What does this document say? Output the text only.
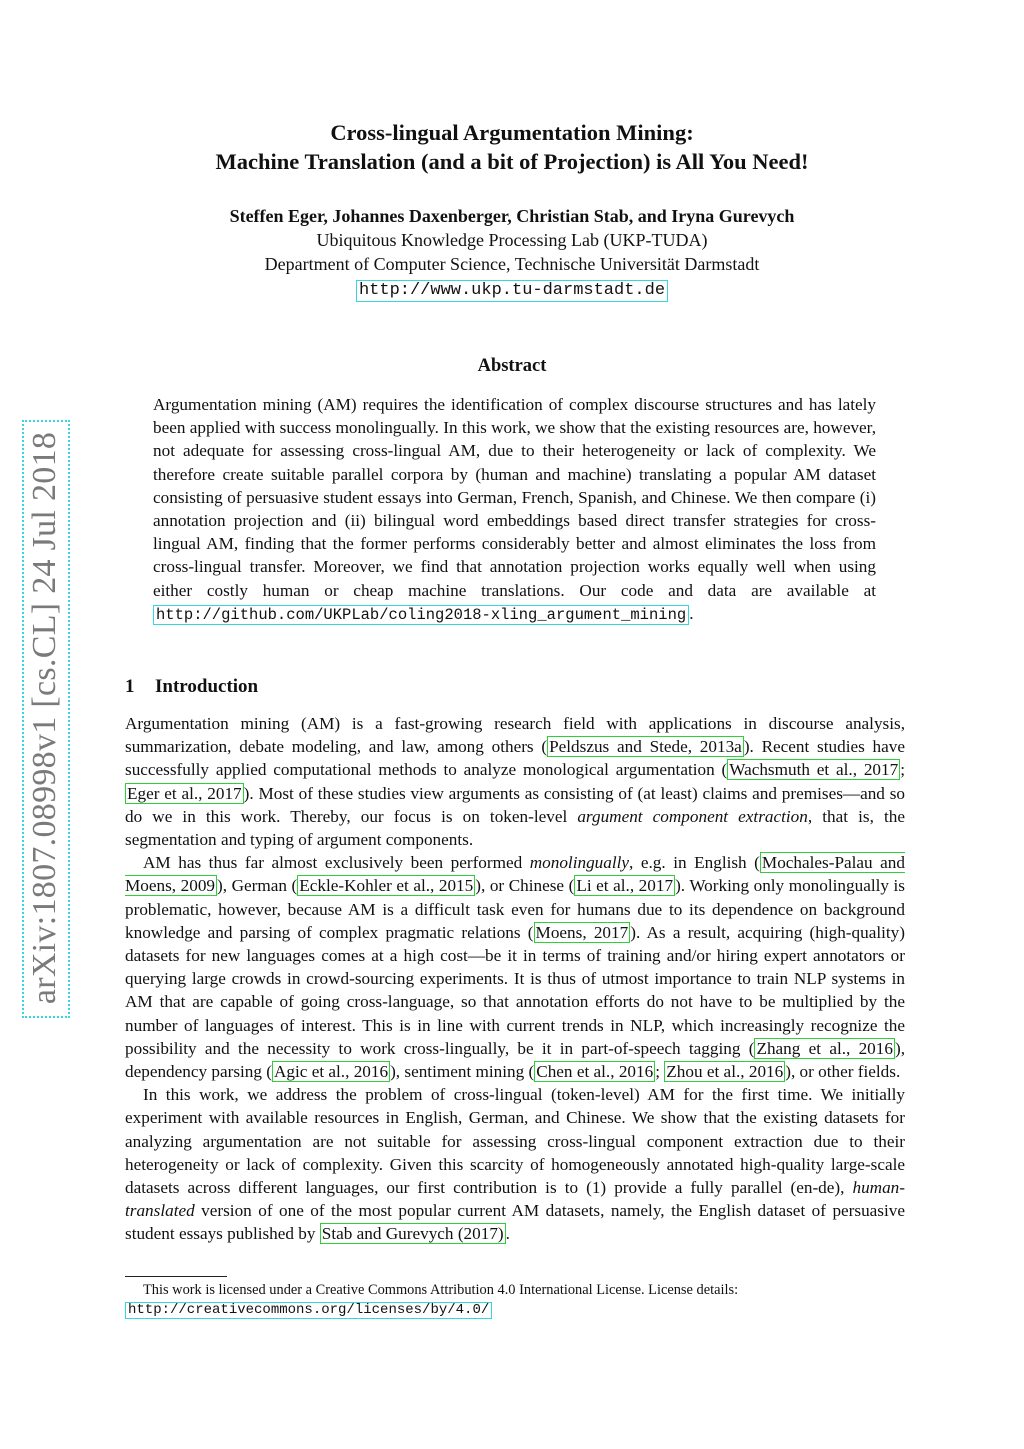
arXiv:1807.08998v1 [cs.CL] 24 Jul 2018
Cross-lingual Argumentation Mining:
Machine Translation (and a bit of Projection) is All You Need!
Steffen Eger, Johannes Daxenberger, Christian Stab, and Iryna Gurevych
Ubiquitous Knowledge Processing Lab (UKP-TUDA)
Department of Computer Science, Technische Universität Darmstadt
http://www.ukp.tu-darmstadt.de
Abstract
Argumentation mining (AM) requires the identification of complex discourse structures and has lately been applied with success monolingually. In this work, we show that the existing resources are, however, not adequate for assessing cross-lingual AM, due to their heterogeneity or lack of complexity. We therefore create suitable parallel corpora by (human and machine) translating a popular AM dataset consisting of persuasive student essays into German, French, Spanish, and Chinese. We then compare (i) annotation projection and (ii) bilingual word embeddings based direct transfer strategies for cross-lingual AM, finding that the former performs considerably better and almost eliminates the loss from cross-lingual transfer. Moreover, we find that annotation projection works equally well when using either costly human or cheap machine translations. Our code and data are available at http://github.com/UKPLab/coling2018-xling_argument_mining .
1 Introduction

Argumentation mining (AM) is a fast-growing research field with applications in discourse analysis, summarization, debate modeling, and law, among others ( Peldszus and Stede, 2013a ). Recent studies have successfully applied computational methods to analyze monological argumentation ( Wachsmuth et al., 2017 ; Eger et al., 2017 ). Most of these studies view arguments as consisting of (at least) claims and premises—and so do we in this work. Thereby, our focus is on token-level argument component extraction, that is, the segmentation and typing of argument components.

AM has thus far almost exclusively been performed monolingually, e.g. in English ( Mochales-Palau and Moens, 2009 ), German ( Eckle-Kohler et al., 2015 ), or Chinese ( Li et al., 2017 ). Working only monolingually is problematic, however, because AM is a difficult task even for humans due to its dependence on background knowledge and parsing of complex pragmatic relations ( Moens, 2017 ). As a result, acquiring (high-quality) datasets for new languages comes at a high cost—be it in terms of training and/or hiring expert annotators or querying large crowds in crowd-sourcing experiments. It is thus of utmost importance to train NLP systems in AM that are capable of going cross-language, so that annotation efforts do not have to be multiplied by the number of languages of interest. This is in line with current trends in NLP, which increasingly recognize the possibility and the necessity to work cross-lingually, be it in part-of-speech tagging ( Zhang et al., 2016 ), dependency parsing ( Agic et al., 2016 ), sentiment mining ( Chen et al., 2016 ; Zhou et al., 2016 ), or other fields.

In this work, we address the problem of cross-lingual (token-level) AM for the first time. We initially experiment with available resources in English, German, and Chinese. We show that the existing datasets for analyzing argumentation are not suitable for assessing cross-lingual component extraction due to their heterogeneity or lack of complexity. Given this scarcity of homogeneously annotated high-quality large-scale datasets across different languages, our first contribution is to (1) provide a fully parallel (en-de), human-translated version of one of the most popular current AM datasets, namely, the English dataset of persuasive student essays published by Stab and Gurevych (2017) .

This work is licensed under a Creative Commons Attribution 4.0 International License. License details:
http://creativecommons.org/licenses/by/4.0/
